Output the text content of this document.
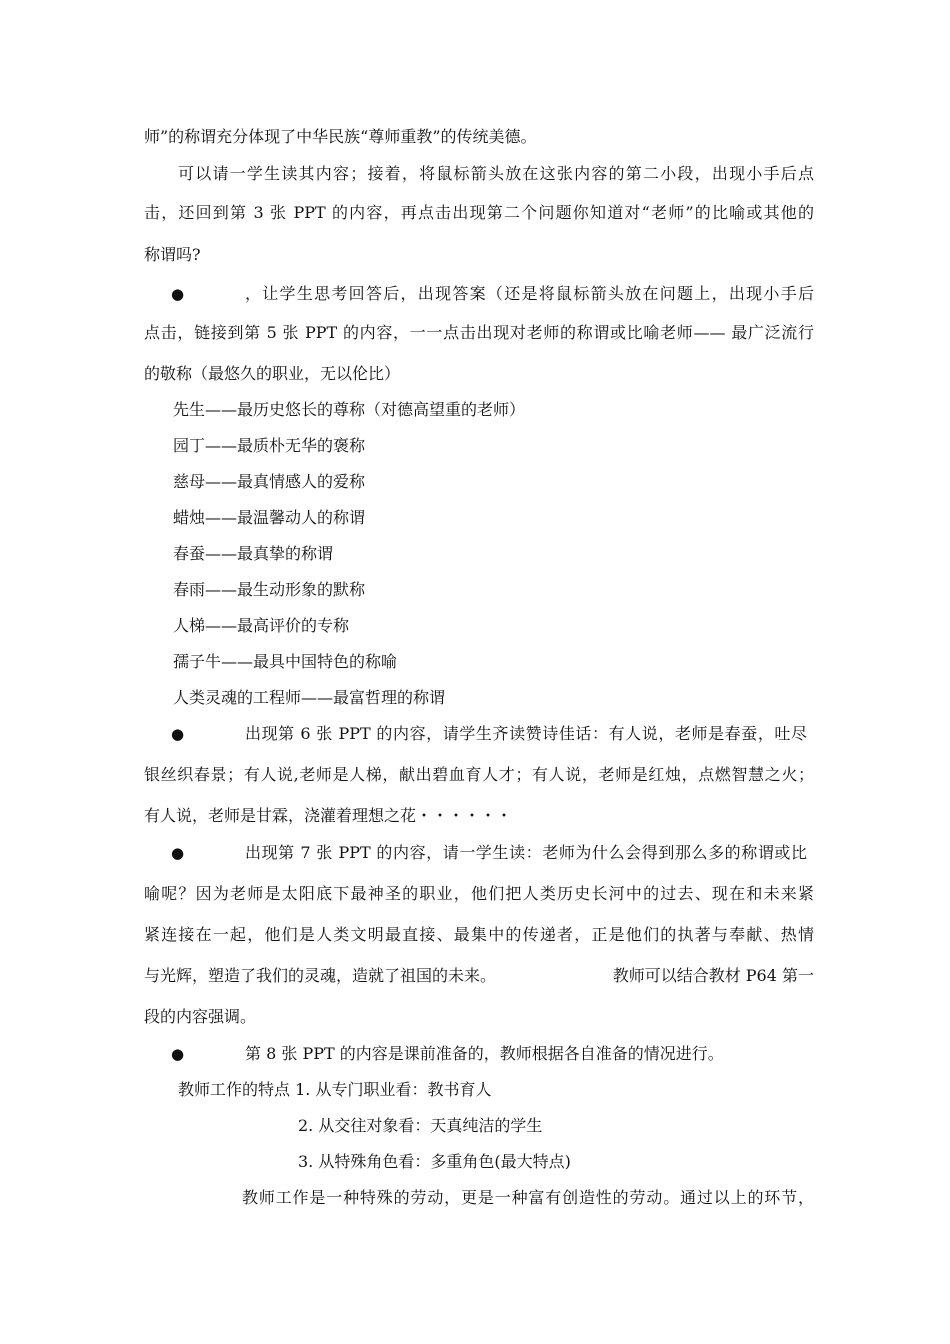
师”的称谓充分体现了中华民族“尊师重教”的传统美德。
可以请一学生读其内容；接着，将鼠标箭头放在这张内容的第二小段，出现小手后点
击，还回到第 3 张 PPT 的内容，再点击出现第二个问题你知道对“老师”的比喻或其他的
称谓吗?
●	，让学生思考回答后，出现答案（还是将鼠标箭头放在问题上，出现小手后
点击，链接到第 5 张 PPT 的内容，一一点击出现对老师的称谓或比喻老师—— 最广泛流行
的敬称（最悠久的职业，无以伦比）
先生——最历史悠长的尊称（对德高望重的老师）
园丁——最质朴无华的褒称
慈母——最真情感人的爱称
蜡烛——最温馨动人的称谓
春蚕——最真挚的称谓
春雨——最生动形象的默称
人梯——最高评价的专称
孺子牛——最具中国特色的称喻
人类灵魂的工程师——最富哲理的称谓
●	出现第 6 张 PPT 的内容，请学生齐读赞诗佳话：有人说，老师是春蚕，吐尽
银丝织春景；有人说,老师是人梯，献出碧血育人才；有人说，老师是红烛，点燃智慧之火；
有人说，老师是甘霖，浇灌着理想之花・・・・・・
●	出现第 7 张 PPT 的内容，请一学生读：老师为什么会得到那么多的称谓或比
喻呢？因为老师是太阳底下最神圣的职业，他们把人类历史长河中的过去、现在和未来紧
紧连接在一起，他们是人类文明最直接、最集中的传递者，正是他们的执著与奉献、热情
与光辉，塑造了我们的灵魂，造就了祖国的未来。	教师可以结合教材 P64 第一
段的内容强调。
●	第 8 张 PPT 的内容是课前准备的，教师根据各自准备的情况进行。
教师工作的特点 1. 从专门职业看：教书育人
2. 从交往对象看：天真纯洁的学生
3. 从特殊角色看：多重角色(最大特点)
教师工作是一种特殊的劳动，更是一种富有创造性的劳动。通过以上的环节，
